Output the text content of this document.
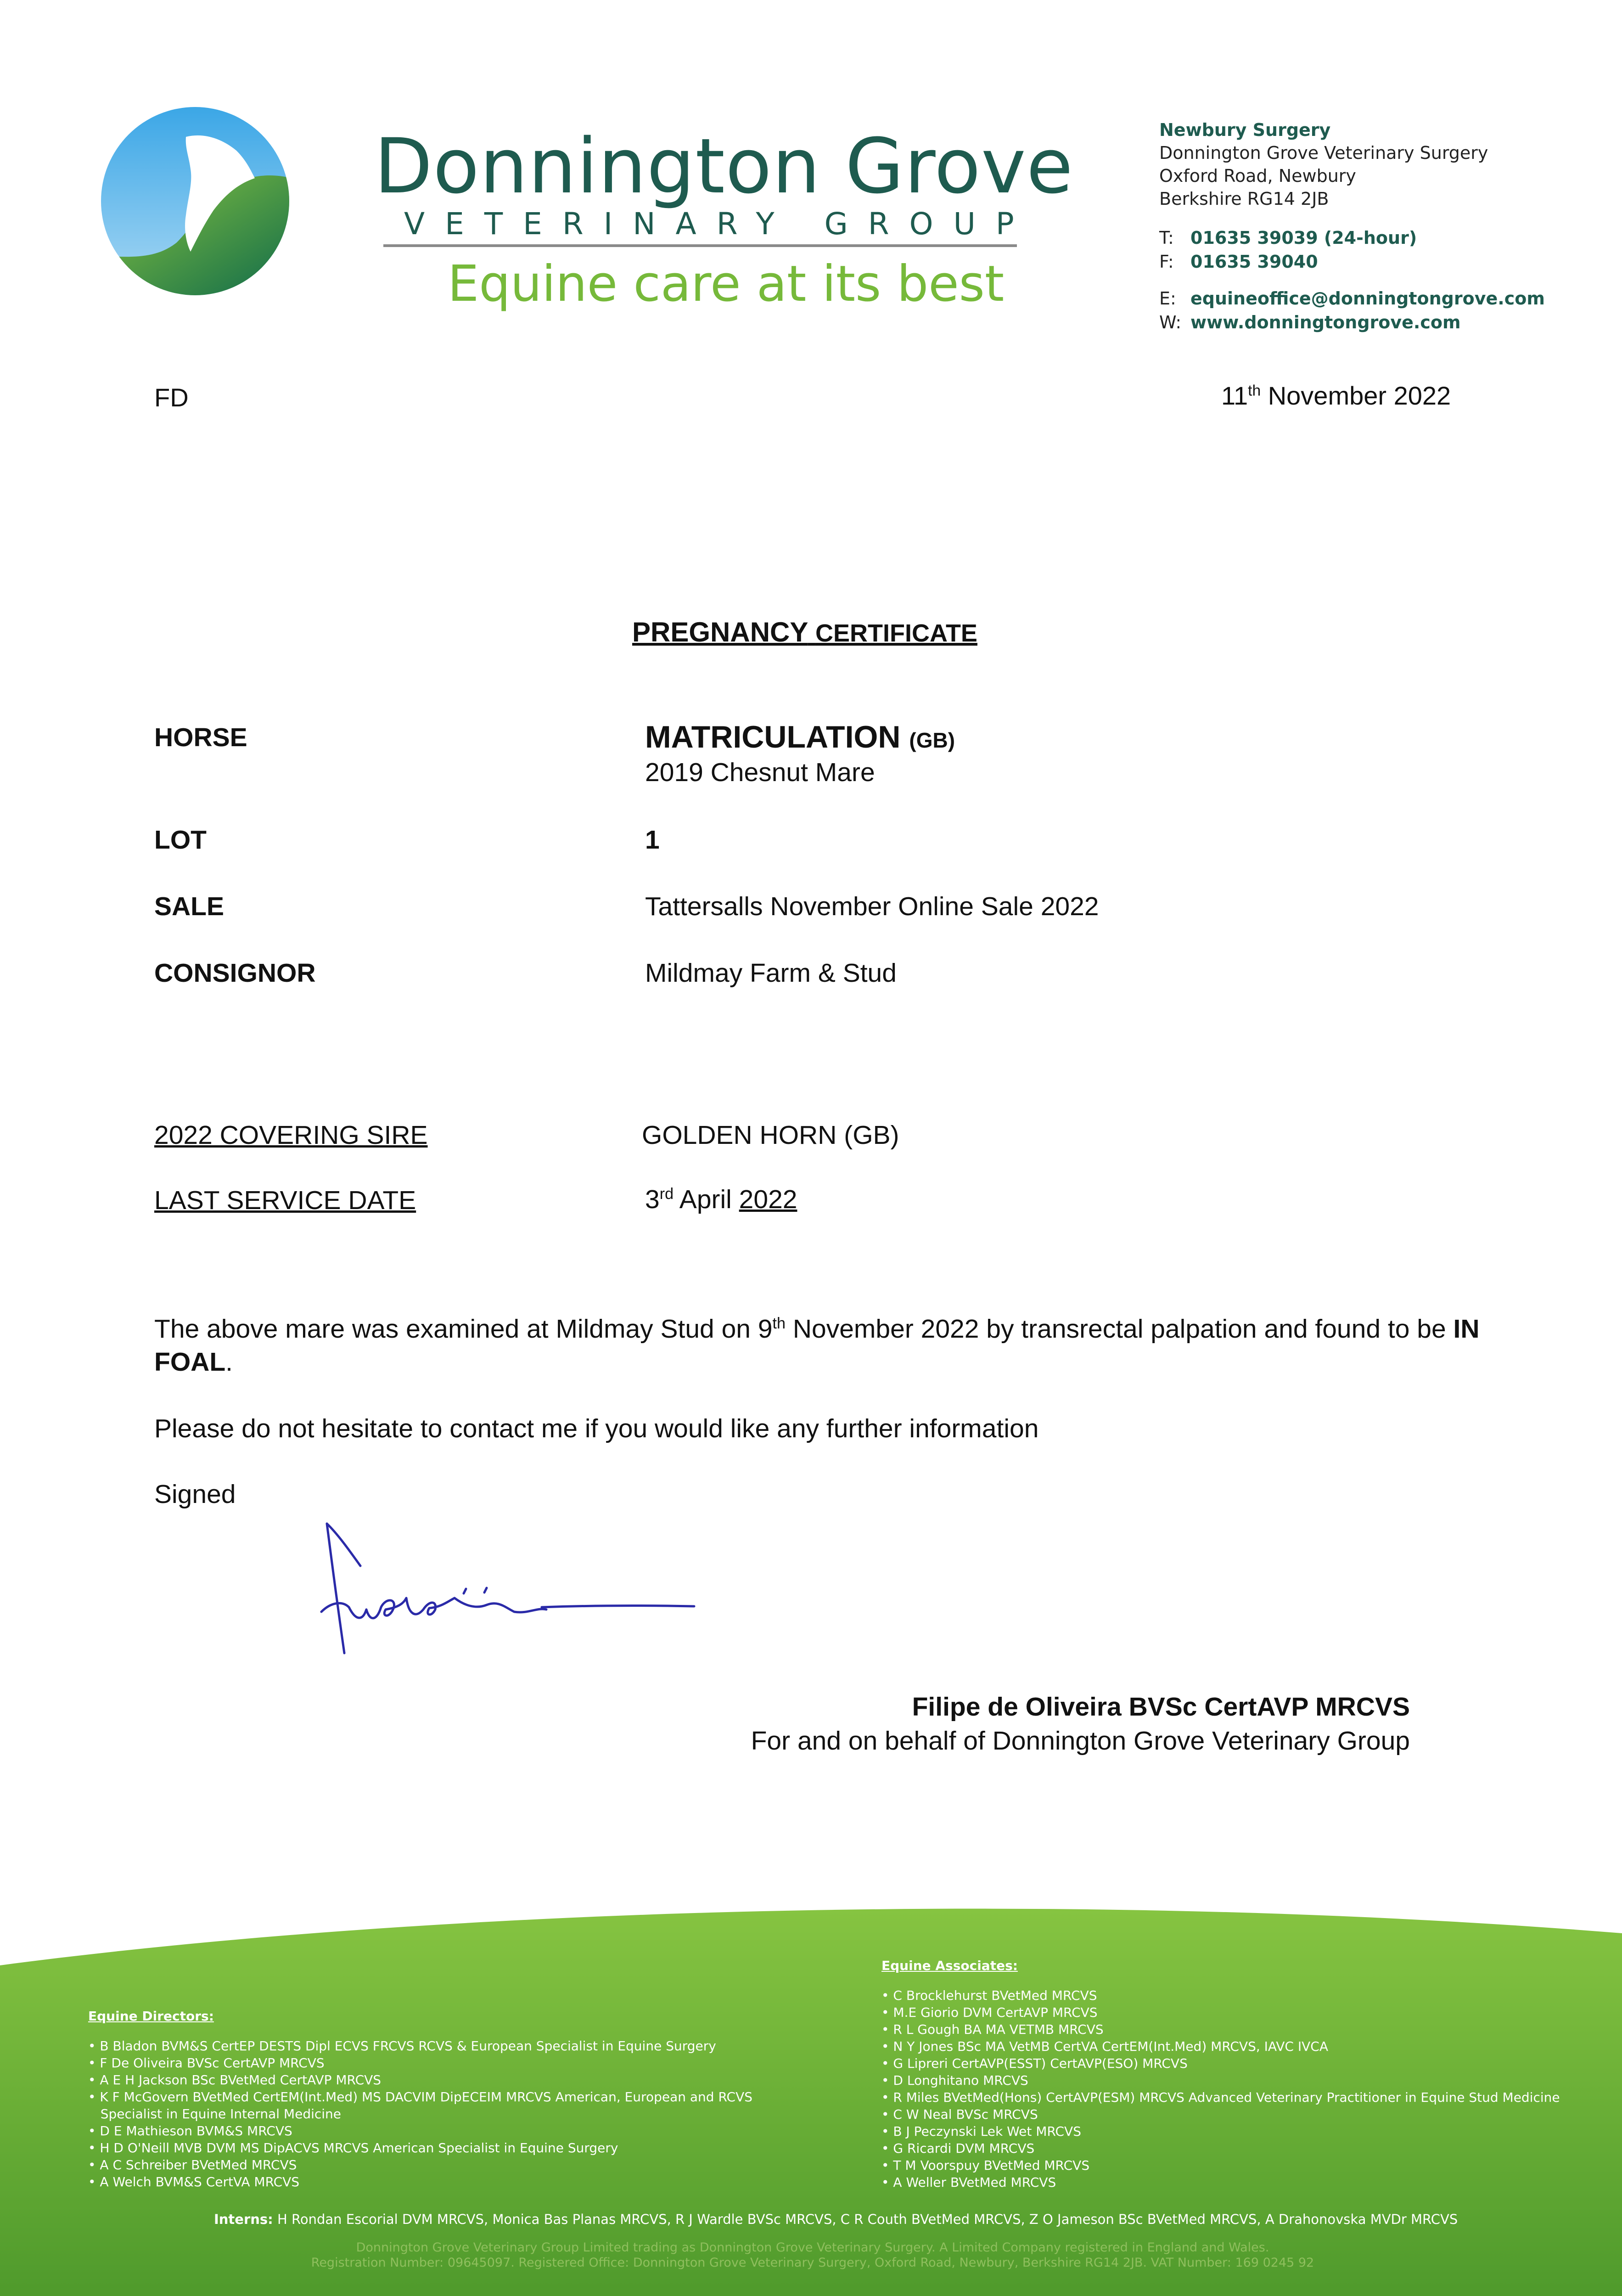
Donnington Grove
VETERINARY GROUP
Equine care at its best
Newbury Surgery
Donnington Grove Veterinary Surgery
Oxford Road, Newbury
Berkshire RG14 2JB
T: 01635 39039 (24-hour)
F: 01635 39040
E: equineoffice@donningtongrove.com
W: www.donningtongrove.com
FD	11th November 2022
PREGNANCY CERTIFICATE
HORSE	MATRICULATION (GB)
2019 Chesnut Mare
LOT	1
SALE	Tattersalls November Online Sale 2022
CONSIGNOR	Mildmay Farm & Stud
2022 COVERING SIRE	GOLDEN HORN (GB)
LAST SERVICE DATE	3rd April 2022
The above mare was examined at Mildmay Stud on 9th November 2022 by transrectal palpation and found to be IN FOAL.
Please do not hesitate to contact me if you would like any further information
Signed
Filipe de Oliveira BVSc CertAVP MRCVS
For and on behalf of Donnington Grove Veterinary Group
Equine Directors:
• B Bladon BVM&S CertEP DESTS Dipl ECVS FRCVS RCVS & European Specialist in Equine Surgery
• F De Oliveira BVSc CertAVP MRCVS
• A E H Jackson BSc BVetMed CertAVP MRCVS
• K F McGovern BVetMed CertEM(Int.Med) MS DACVIM DipECEIM MRCVS American, European and RCVS
Specialist in Equine Internal Medicine
• D E Mathieson BVM&S MRCVS
• H D O'Neill MVB DVM MS DipACVS MRCVS American Specialist in Equine Surgery
• A C Schreiber BVetMed MRCVS
• A Welch BVM&S CertVA MRCVS
Equine Associates:
• C Brocklehurst BVetMed MRCVS
• M.E Giorio DVM CertAVP MRCVS
• R L Gough BA MA VETMB MRCVS
• N Y Jones BSc MA VetMB CertVA CertEM(Int.Med) MRCVS, IAVC IVCA
• G Lipreri CertAVP(ESST) CertAVP(ESO) MRCVS
• D Longhitano MRCVS
• R Miles BVetMed(Hons) CertAVP(ESM) MRCVS Advanced Veterinary Practitioner in Equine Stud Medicine
• C W Neal BVSc MRCVS
• B J Peczynski Lek Wet MRCVS
• G Ricardi DVM MRCVS
• T M Voorspuy BVetMed MRCVS
• A Weller BVetMed MRCVS
Interns: H Rondan Escorial DVM MRCVS, Monica Bas Planas MRCVS, R J Wardle BVSc MRCVS, C R Couth BVetMed MRCVS, Z O Jameson BSc BVetMed MRCVS, A Drahonovska MVDr MRCVS
Donnington Grove Veterinary Group Limited trading as Donnington Grove Veterinary Surgery. A Limited Company registered in England and Wales.
Registration Number: 09645097. Registered Office: Donnington Grove Veterinary Surgery, Oxford Road, Newbury, Berkshire RG14 2JB. VAT Number: 169 0245 92
